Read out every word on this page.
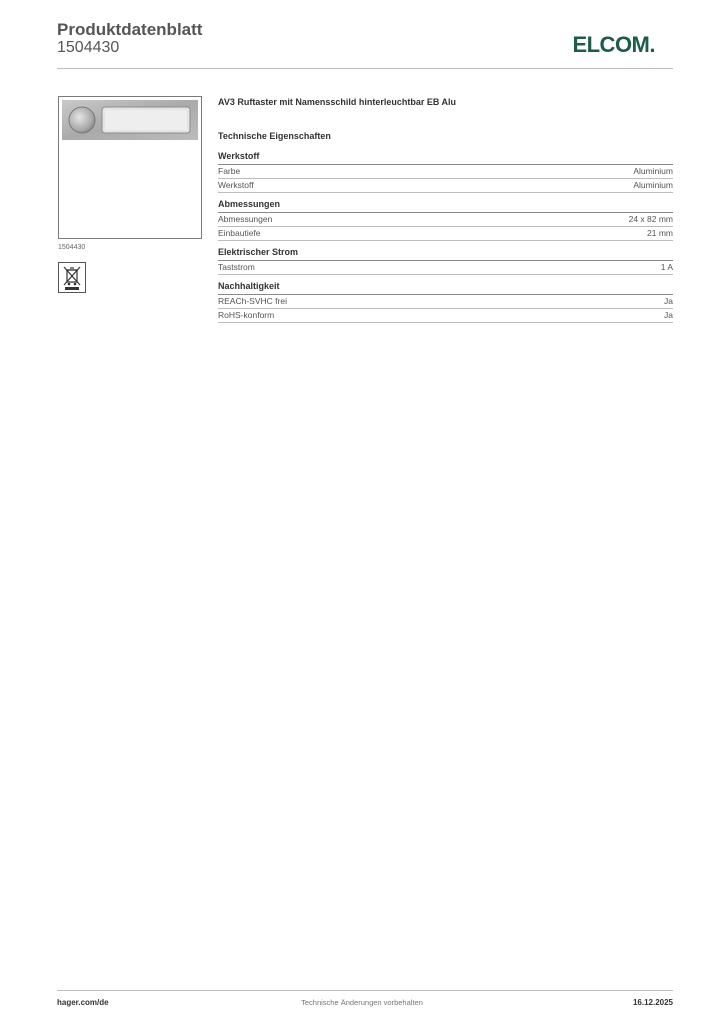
Produktdatenblatt
1504430	ELCOM.
1504430
AV3 Ruftaster mit Namensschild hinterleuchtbar EB Alu
Technische Eigenschaften
Werkstoff
Farbe	Aluminium
Werkstoff	Aluminium
Abmessungen
Abmessungen	24 x 82 mm
Einbautiefe	21 mm
Elektrischer Strom
Taststrom	1 A
Nachhaltigkeit
REACh-SVHC frei	Ja
RoHS-konform	Ja
hager.com/de	Technische Änderungen vorbehalten	16.12.2025
